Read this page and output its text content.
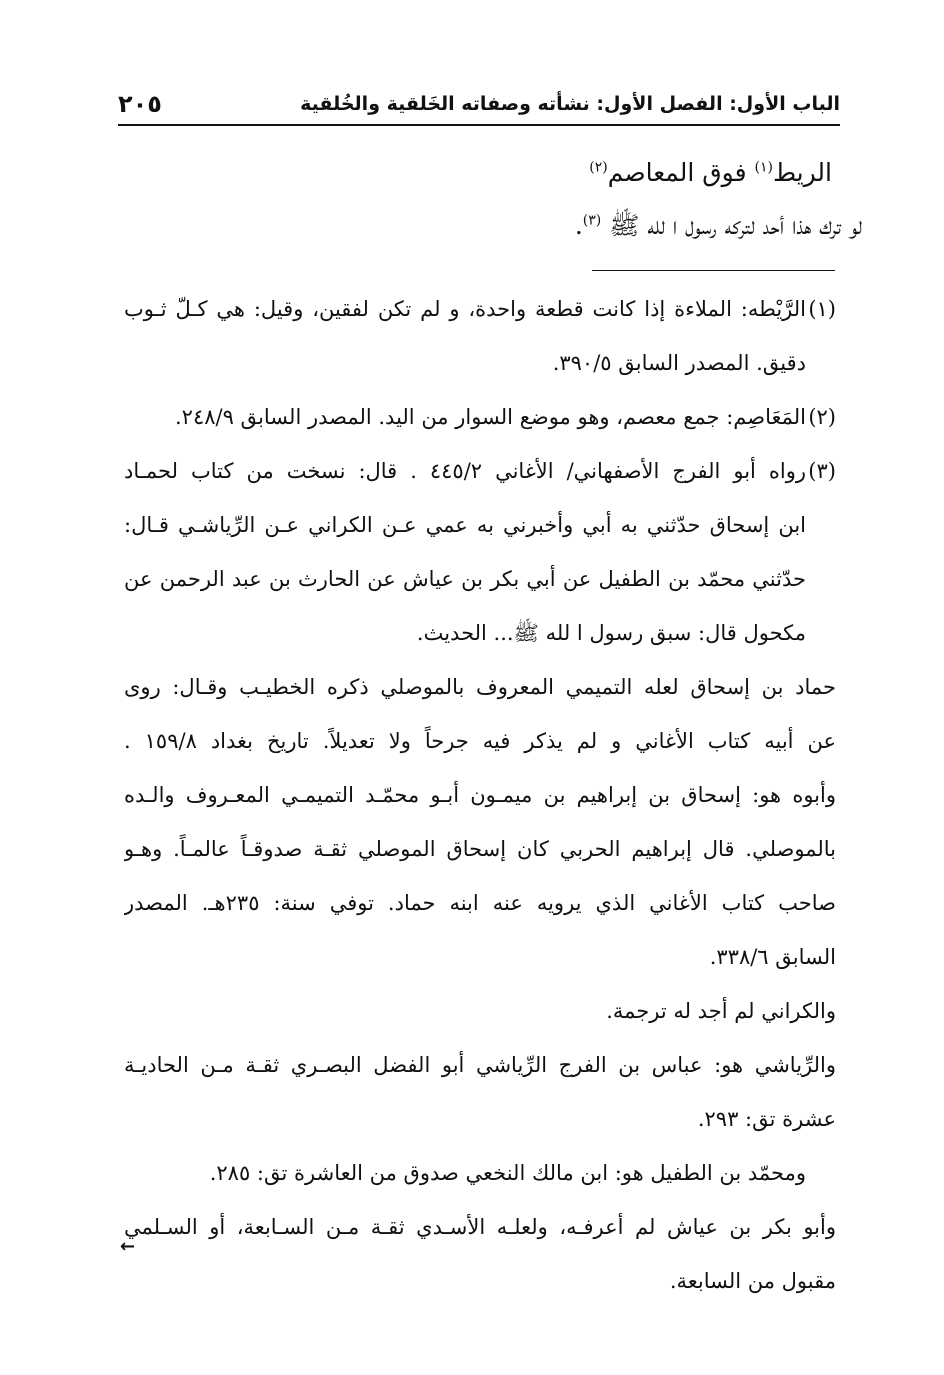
الباب الأول: الفصل الأول: نشأته وصفاته الخَلقية والخُلقية
٢٠٥
الريط$^{(١)}$ فوق المعاصم$^{(٢)}$
لو ترك هذا أحد لتركه رسول ا لله ﷺ $^{(٣)}$.
(١)الرَّيْطه: الملاءة إذا كانت قطعة واحدة، و لم تكن لفقين، وقيل: هي كـلّ ثـوب
دقيق. المصدر السابق ٣٩٠/٥.
(٢)المَعَاصِم: جمع معصم، وهو موضع السوار من اليد. المصدر السابق ٢٤٨/٩.
(٣)رواه أبو الفرج الأصفهاني/ الأغاني ٤٤٥/٢ . قال: نسخت من كتاب لحمـاد
ابن إسحاق حدّثني به أبي وأخبرني به عمي عـن الكراني عـن الرِّياشـي قـال:
حدّثني محمّد بن الطفيل عن أبي بكر بن عياش عن الحارث بن عبد الرحمن عن
مكحول قال: سبق رسول ا لله ﷺ... الحديث.
حماد بن إسحاق لعله التميمي المعروف بالموصلي ذكره الخطيـب وقـال: روى
عن أبيه كتاب الأغاني و لم يذكر فيه جرحاً ولا تعديلاً. تاريخ بغداد ١٥٩/٨ .
وأبوه هو: إسحاق بن إبراهيم بن ميمـون أبـو محمّـد التميمـي المعـروف والـده
بالموصلي. قال إبراهيم الحربي كان إسحاق الموصلي ثقـة صدوقـاً عالمـاً. وهـو
صاحب كتاب الأغاني الذي يرويه عنه ابنه حماد. توفي سنة: ٢٣٥هـ. المصدر
السابق ٣٣٨/٦.
والكراني لم أجد له ترجمة.
والرِّياشي هو: عباس بن الفرج الرِّياشي أبو الفضل البصـري ثقـة مـن الحاديـة
عشرة تق: ٢٩٣.
ومحمّد بن الطفيل هو: ابن مالك النخعي صدوق من العاشرة تق: ٢٨٥.
وأبو بكر بن عياش لم أعرفـه، ولعلـه الأسـدي ثقـة مـن السـابعة، أو السـلمي
مقبول من السابعة.
←
